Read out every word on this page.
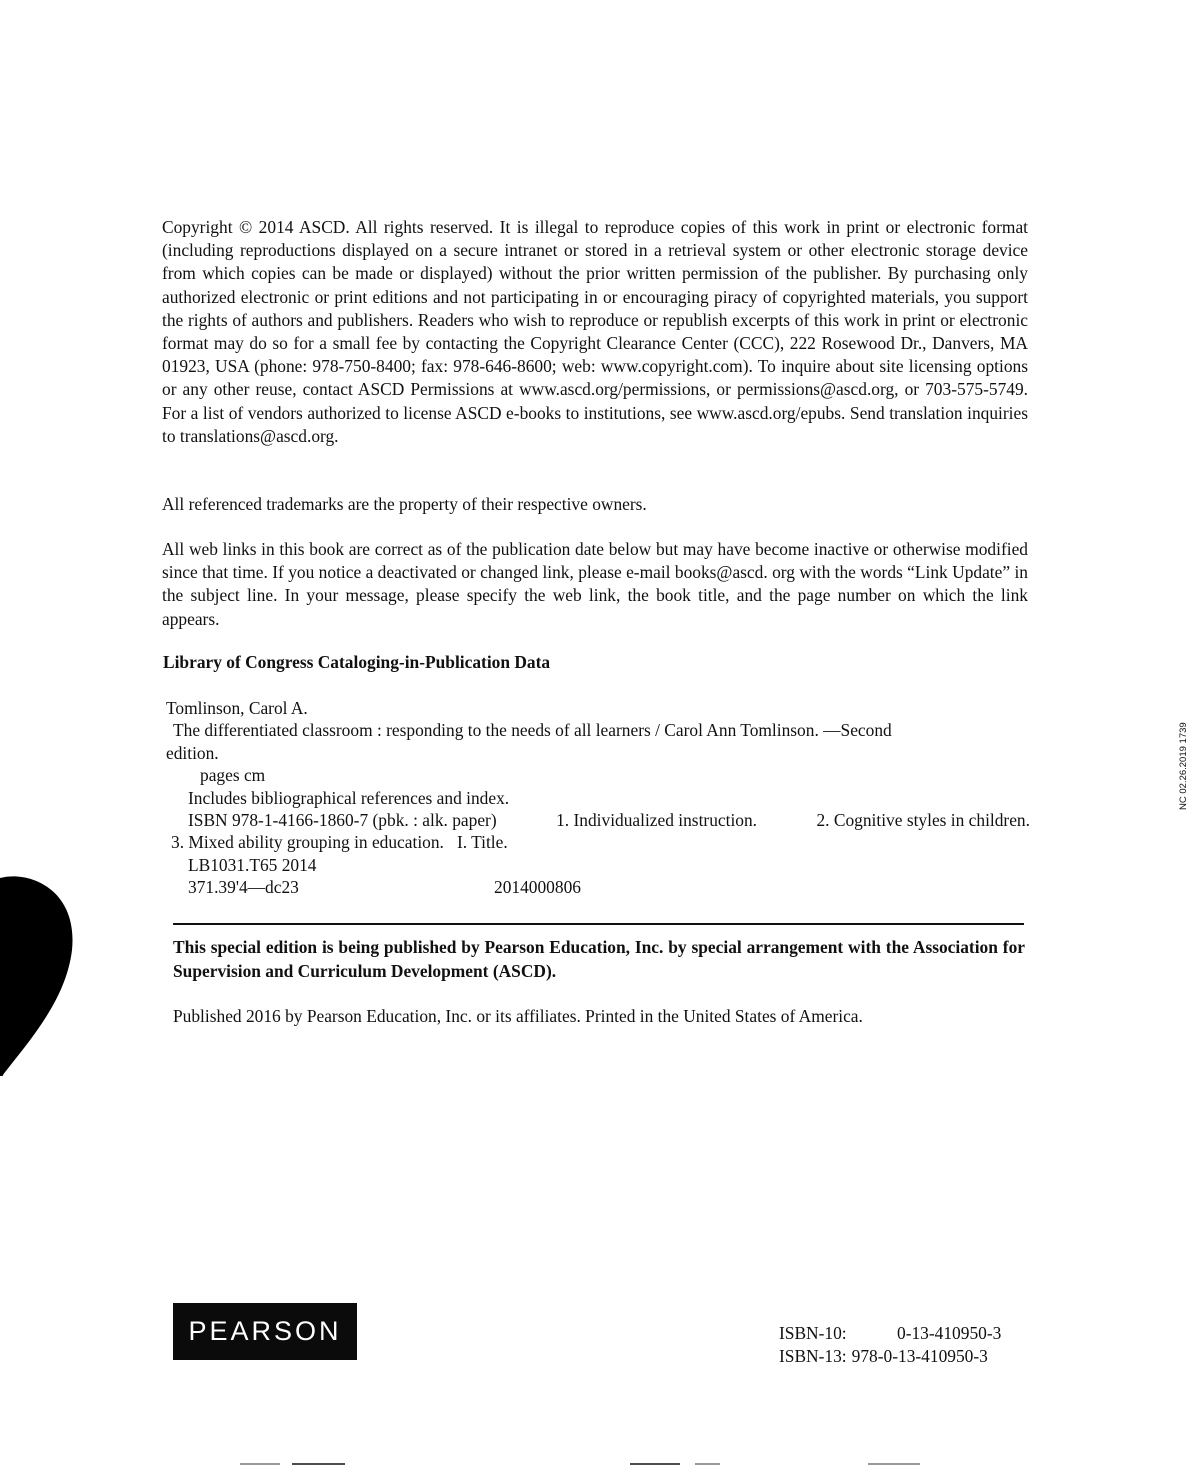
Copyright © 2014 ASCD. All rights reserved. It is illegal to reproduce copies of this work in print or electronic format (including reproductions displayed on a secure intranet or stored in a retrieval system or other electronic storage device from which copies can be made or displayed) without the prior written permission of the publisher. By purchasing only authorized electronic or print editions and not participating in or encouraging piracy of copyrighted materials, you support the rights of authors and publishers. Readers who wish to reproduce or republish excerpts of this work in print or electronic format may do so for a small fee by contacting the Copyright Clearance Center (CCC), 222 Rosewood Dr., Danvers, MA 01923, USA (phone: 978-750-8400; fax: 978-646-8600; web: www.copyright.com). To inquire about site licensing options or any other reuse, contact ASCD Permissions at www.ascd.org/permissions, or permissions@ascd.org, or 703-575-5749. For a list of vendors authorized to license ASCD e-books to institutions, see www.ascd.org/epubs. Send translation inquiries to translations@ascd.org.

All referenced trademarks are the property of their respective owners.

All web links in this book are correct as of the publication date below but may have become inactive or otherwise modified since that time. If you notice a deactivated or changed link, please e-mail books@ascd. org with the words “Link Update” in the subject line. In your message, please specify the web link, the book title, and the page number on which the link appears.

Library of Congress Cataloging-in-Publication Data

Tomlinson, Carol A.
The differentiated classroom : responding to the needs of all learners / Carol Ann Tomlinson. —Second
edition.
pages cm
Includes bibliographical references and index.
ISBN 978-1-4166-1860-7 (pbk. : alk. paper)	1. Individualized instruction.	2. Cognitive styles in children.
3. Mixed ability grouping in education. I. Title.
LB1031.T65 2014
371.39'4—dc23	2014000806

This special edition is being published by Pearson Education, Inc. by special arrangement with the Association for Supervision and Curriculum Development (ASCD).

Published 2016 by Pearson Education, Inc. or its affiliates. Printed in the United States of America.

NC 02.26.2019 1739
PEARSON	ISBN-10:	0-13-410950-3
ISBN-13: 978-0-13-410950-3
